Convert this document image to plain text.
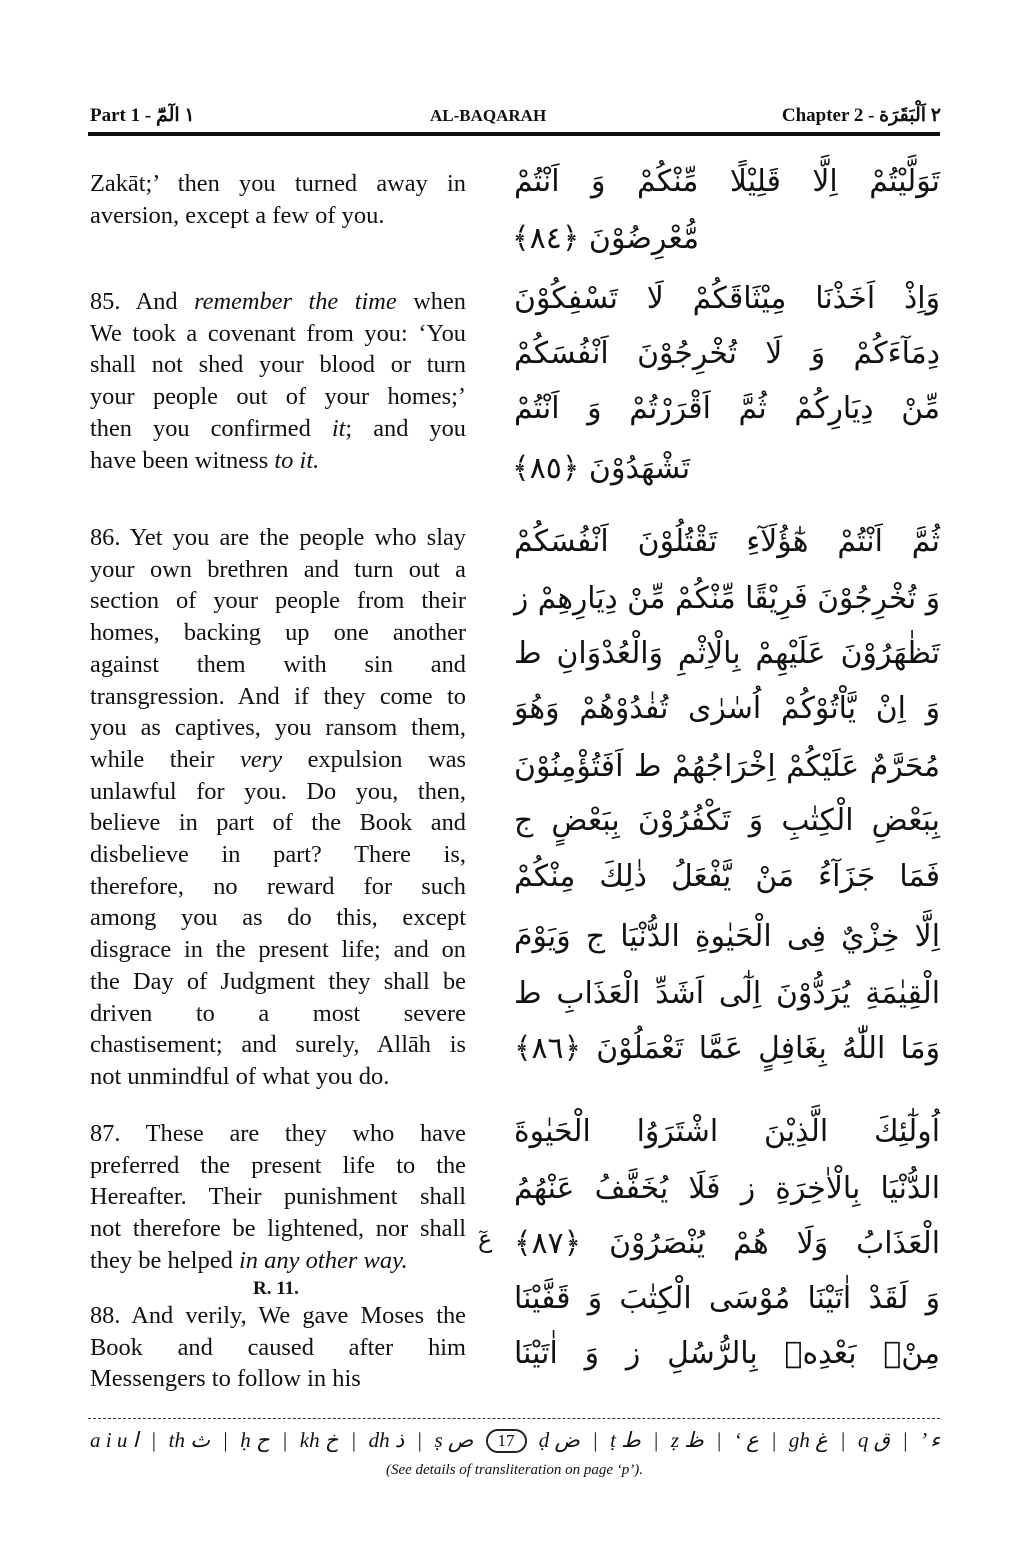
Part 1 - ١ الٓمّٓ	AL-BAQARAH	Chapter 2 - ٢ اَلْبَقَرَة
Zakāt;’ then you turned away in
aversion, except a few of you.
85. And remember the time when
We took a covenant from you: ‘You
shall not shed your blood or turn
your people out of your homes;’
then you confirmed it; and you
have been witness to it.
86. Yet you are the people who slay
your own brethren and turn out a
section of your people from their
homes, backing up one another
against them with sin and
transgression. And if they come to
you as captives, you ransom them,
while their very expulsion was
unlawful for you. Do you, then,
believe in part of the Book and
disbelieve in part? There is,
therefore, no reward for such
among you as do this, except
disgrace in the present life; and on
the Day of Judgment they shall be
driven to a most severe
chastisement; and surely, Allāh is
not unmindful of what you do.
87. These are they who have
preferred the present life to the
Hereafter. Their punishment shall
not therefore be lightened, nor shall
they be helped in any other way.
88. And verily, We gave Moses the
Book and caused after him
Messengers to follow in his
تَوَلَّيْتُمْ اِلَّا قَلِيْلًا مِّنْكُمْ وَ اَنْتُمْ
مُّعْرِضُوْنَ ﴿٨٤﴾
وَاِذْ اَخَذْنَا مِيْثَاقَكُمْ لَا تَسْفِكُوْنَ
دِمَآءَكُمْ وَ لَا تُخْرِجُوْنَ اَنْفُسَكُمْ
مِّنْ دِيَارِكُمْ ثُمَّ اَقْرَرْتُمْ وَ اَنْتُمْ
تَشْهَدُوْنَ ﴿٨٥﴾
ثُمَّ اَنْتُمْ هٰٓؤُلَآءِ تَقْتُلُوْنَ اَنْفُسَكُمْ
وَ تُخْرِجُوْنَ فَرِيْقًا مِّنْكُمْ مِّنْ دِيَارِهِمْ ز
تَظٰهَرُوْنَ عَلَيْهِمْ بِالْاِثْمِ وَالْعُدْوَانِ ط
وَ اِنْ يَّاْتُوْكُمْ اُسٰرٰى تُفٰدُوْهُمْ وَهُوَ
مُحَرَّمٌ عَلَيْكُمْ اِخْرَاجُهُمْ ط اَفَتُؤْمِنُوْنَ
بِبَعْضِ الْكِتٰبِ وَ تَكْفُرُوْنَ بِبَعْضٍ ج
فَمَا جَزَآءُ مَنْ يَّفْعَلُ ذٰلِكَ مِنْكُمْ
اِلَّا خِزْيٌ فِى الْحَيٰوةِ الدُّنْيَا ج وَيَوْمَ
الْقِيٰمَةِ يُرَدُّوْنَ اِلٰٓى اَشَدِّ الْعَذَابِ ط
وَمَا اللّٰهُ بِغَافِلٍ عَمَّا تَعْمَلُوْنَ ﴿٨٦﴾
اُولٰٓئِكَ الَّذِيْنَ اشْتَرَوُا الْحَيٰوةَ
الدُّنْيَا بِالْاٰخِرَةِ ز فَلَا يُخَفَّفُ عَنْهُمُ
الْعَذَابُ وَلَا هُمْ يُنْصَرُوْنَ ﴿٨٧﴾
وَ لَقَدْ اٰتَيْنَا مُوْسَى الْكِتٰبَ وَ قَفَّيْنَا
مِنْۢ بَعْدِهٖ بِالرُّسُلِ ز وَ اٰتَيْنَا
عٓ
R. 11.
a i u ا | th ث | ḥ ح | kh خ | dh ذ | ṣ ص	17	ḍ ض | ṭ ط | ẓ ظ | ‘ ع | gh غ | q ق | ’ ء
(See details of transliteration on page ‘p’).
